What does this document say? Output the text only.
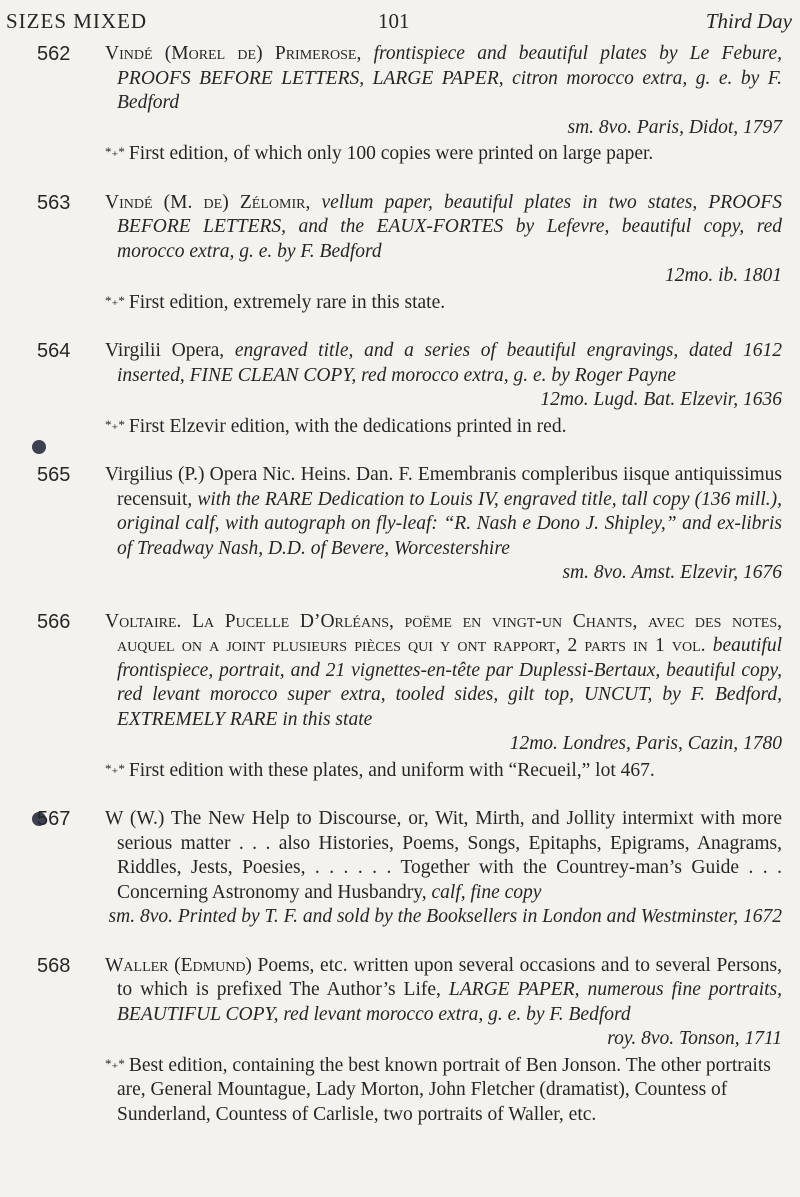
SIZES MIXED	101	Third Day
562 Vindé (Morel de) Primerose, frontispiece and beautiful plates by Le Febure, PROOFS BEFORE LETTERS, LARGE PAPER, citron morocco extra, g. e. by F. Bedford
sm. 8vo. Paris, Didot, 1797
*₊* First edition, of which only 100 copies were printed on large paper.
563 Vindé (M. de) Zélomir, vellum paper, beautiful plates in two states, PROOFS BEFORE LETTERS, and the EAUX-FORTES by Lefevre, beautiful copy, red morocco extra, g. e. by F. Bedford
12mo. ib. 1801
*₊* First edition, extremely rare in this state.
564 Virgilii Opera, engraved title, and a series of beautiful engravings, dated 1612 inserted, FINE CLEAN COPY, red morocco extra, g. e. by Roger Payne
12mo. Lugd. Bat. Elzevir, 1636
*₊* First Elzevir edition, with the dedications printed in red.
565 Virgilius (P.) Opera Nic. Heins. Dan. F. Emembranis compleribus iisque antiquissimus recensuit, with the RARE Dedication to Louis IV, engraved title, tall copy (136 mill.), original calf, with autograph on fly-leaf: “R. Nash e Dono J. Shipley,” and ex-libris of Treadway Nash, D.D. of Bevere, Worcestershire
sm. 8vo. Amst. Elzevir, 1676
566 Voltaire. La Pucelle D’Orléans, poëme en vingt-un Chants, avec des notes, auquel on a joint plusieurs pièces qui y ont rapport, 2 parts in 1 vol. beautiful frontispiece, portrait, and 21 vignettes-en-tête par Duplessi-Bertaux, beautiful copy, red levant morocco super extra, tooled sides, gilt top, UNCUT, by F. Bedford, EXTREMELY RARE in this state
12mo. Londres, Paris, Cazin, 1780
*₊* First edition with these plates, and uniform with “Recueil,” lot 467.
567 W (W.) The New Help to Discourse, or, Wit, Mirth, and Jollity intermixt with more serious matter . . . also Histories, Poems, Songs, Epitaphs, Epigrams, Anagrams, Riddles, Jests, Poesies, . . . . . . Together with the Countrey-man’s Guide . . . Concerning Astronomy and Husbandry, calf, fine copy
sm. 8vo. Printed by T. F. and sold by the Booksellers in London and Westminster, 1672
568 Waller (Edmund) Poems, etc. written upon several occasions and to several Persons, to which is prefixed The Author’s Life, LARGE PAPER, numerous fine portraits, BEAUTIFUL COPY, red levant morocco extra, g. e. by F. Bedford
roy. 8vo. Tonson, 1711
*₊* Best edition, containing the best known portrait of Ben Jonson. The other portraits are, General Mountague, Lady Morton, John Fletcher (dramatist), Countess of Sunderland, Countess of Carlisle, two portraits of Waller, etc.
